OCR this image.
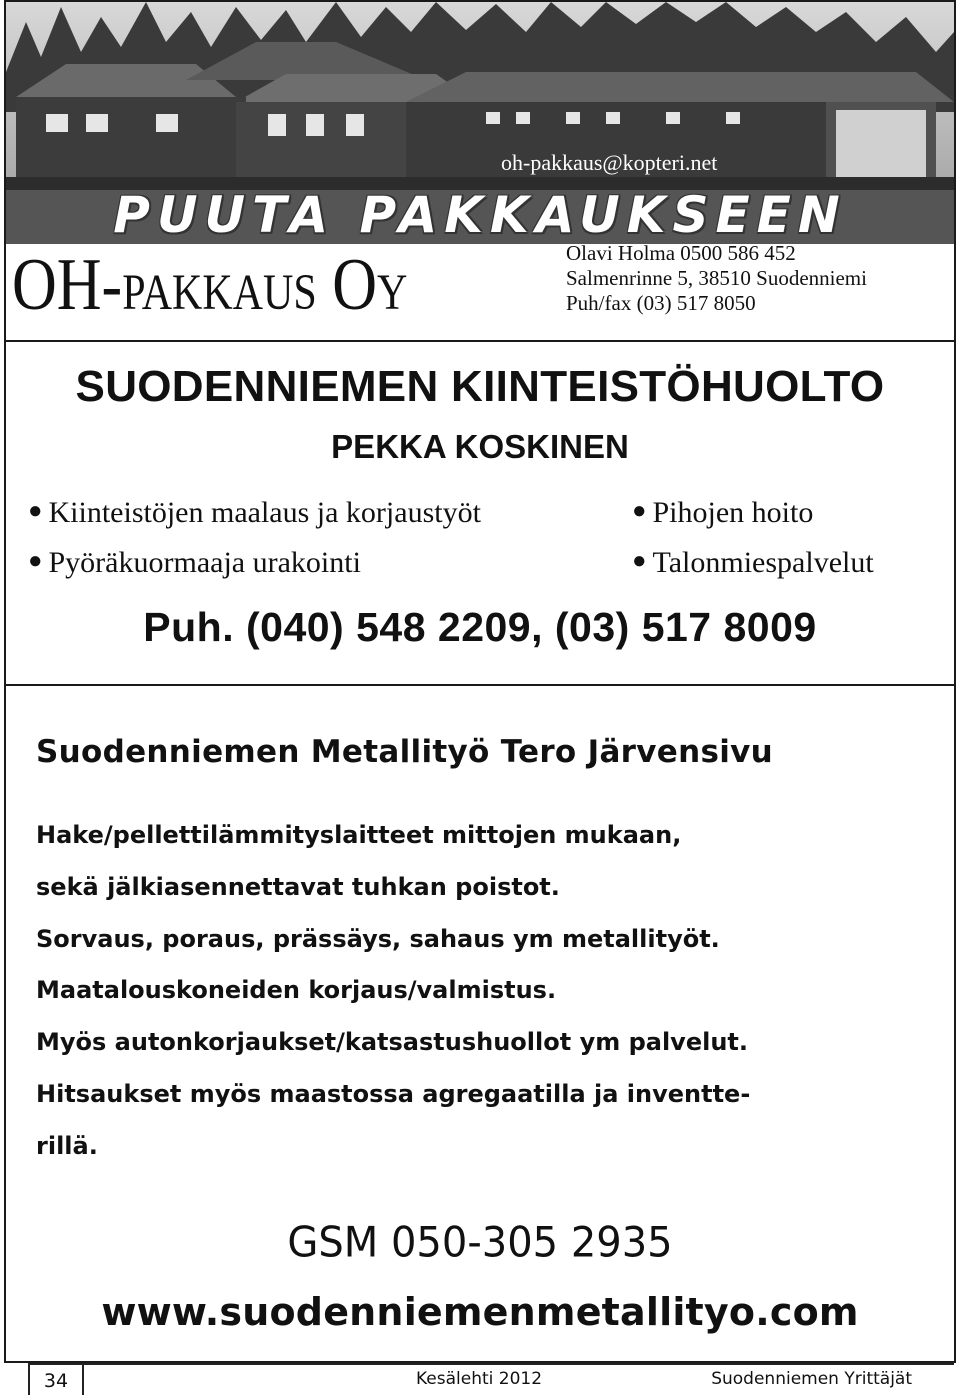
oh-pakkaus@kopteri.net
PUUTA PAKKAUKSEEN
OH-PAKKAUS OY
Olavi Holma 0500 586 452
Salmenrinne 5, 38510 Suodenniemi
Puh/fax (03) 517 8050
SUODENNIEMEN KIINTEISTÖHUOLTO
PEKKA KOSKINEN
● Kiinteistöjen maalaus ja korjaustyöt	● Pihojen hoito
● Pyöräkuormaaja urakointi	● Talonmiespalvelut
Puh. (040) 548 2209, (03) 517 8009
Suodenniemen Metallityö Tero Järvensivu
Hake/pellettilämmityslaitteet mittojen mukaan,
sekä jälkiasennettavat tuhkan poistot.
Sorvaus, poraus, prässäys, sahaus ym metallityöt.
Maatalouskoneiden korjaus/valmistus.
Myös autonkorjaukset/katsastushuollot ym palvelut.
Hitsaukset myös maastossa agregaatilla ja inventte-
rillä.
GSM 050-305 2935
www.suodenniemenmetallityo.com
34	Kesälehti 2012	Suodenniemen Yrittäjät
